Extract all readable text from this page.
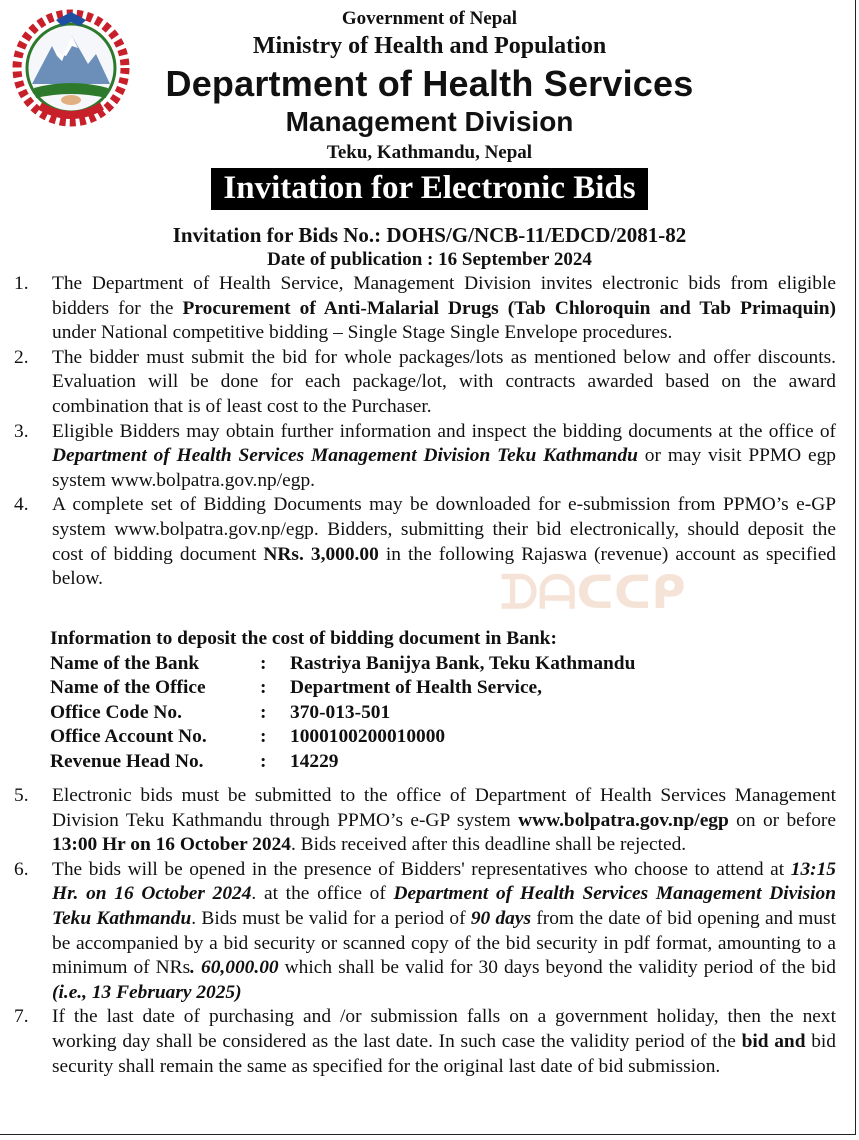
Government of Nepal
Ministry of Health and Population
Department of Health Services
Management Division
Teku, Kathmandu, Nepal
Invitation for Electronic Bids
Invitation for Bids No.: DOHS/G/NCB-11/EDCD/2081-82
Date of publication : 16 September 2024
1.	The Department of Health Service, Management Division invites electronic bids from eligible bidders for the Procurement of Anti-Malarial Drugs (Tab Chloroquin and Tab Primaquin) under National competitive bidding – Single Stage Single Envelope procedures.
2.	The bidder must submit the bid for whole packages/lots as mentioned below and offer discounts. Evaluation will be done for each package/lot, with contracts awarded based on the award combination that is of least cost to the Purchaser.
3.	Eligible Bidders may obtain further information and inspect the bidding documents at the office of Department of Health Services Management Division Teku Kathmandu or may visit PPMO egp system www.bolpatra.gov.np/egp.
4.	A complete set of Bidding Documents may be downloaded for e-submission from PPMO’s e-GP system www.bolpatra.gov.np/egp. Bidders, submitting their bid electronically, should deposit the cost of bidding document NRs. 3,000.00 in the following Rajaswa (revenue) account as specified below.	ᗪᗩᑕᑕᑭ
Information to deposit the cost of bidding document in Bank:
Name of the Bank	:	Rastriya Banijya Bank, Teku Kathmandu
Name of the Office	:	Department of Health Service,
Office Code No.	:	370-013-501
Office Account No.	:	1000100200010000
Revenue Head No.	:	14229
5.	Electronic bids must be submitted to the office of Department of Health Services Management Division Teku Kathmandu through PPMO’s e-GP system www.bolpatra.gov.np/egp on or before 13:00 Hr on 16 October 2024. Bids received after this deadline shall be rejected.
6.	The bids will be opened in the presence of Bidders' representatives who choose to attend at 13:15 Hr. on 16 October 2024. at the office of Department of Health Services Management Division Teku Kathmandu. Bids must be valid for a period of 90 days from the date of bid opening and must be accompanied by a bid security or scanned copy of the bid security in pdf format, amounting to a minimum of NRs. 60,000.00 which shall be valid for 30 days beyond the validity period of the bid (i.e., 13 February 2025)
7.	If the last date of purchasing and /or submission falls on a government holiday, then the next working day shall be considered as the last date. In such case the validity period of the bid and bid security shall remain the same as specified for the original last date of bid submission.
